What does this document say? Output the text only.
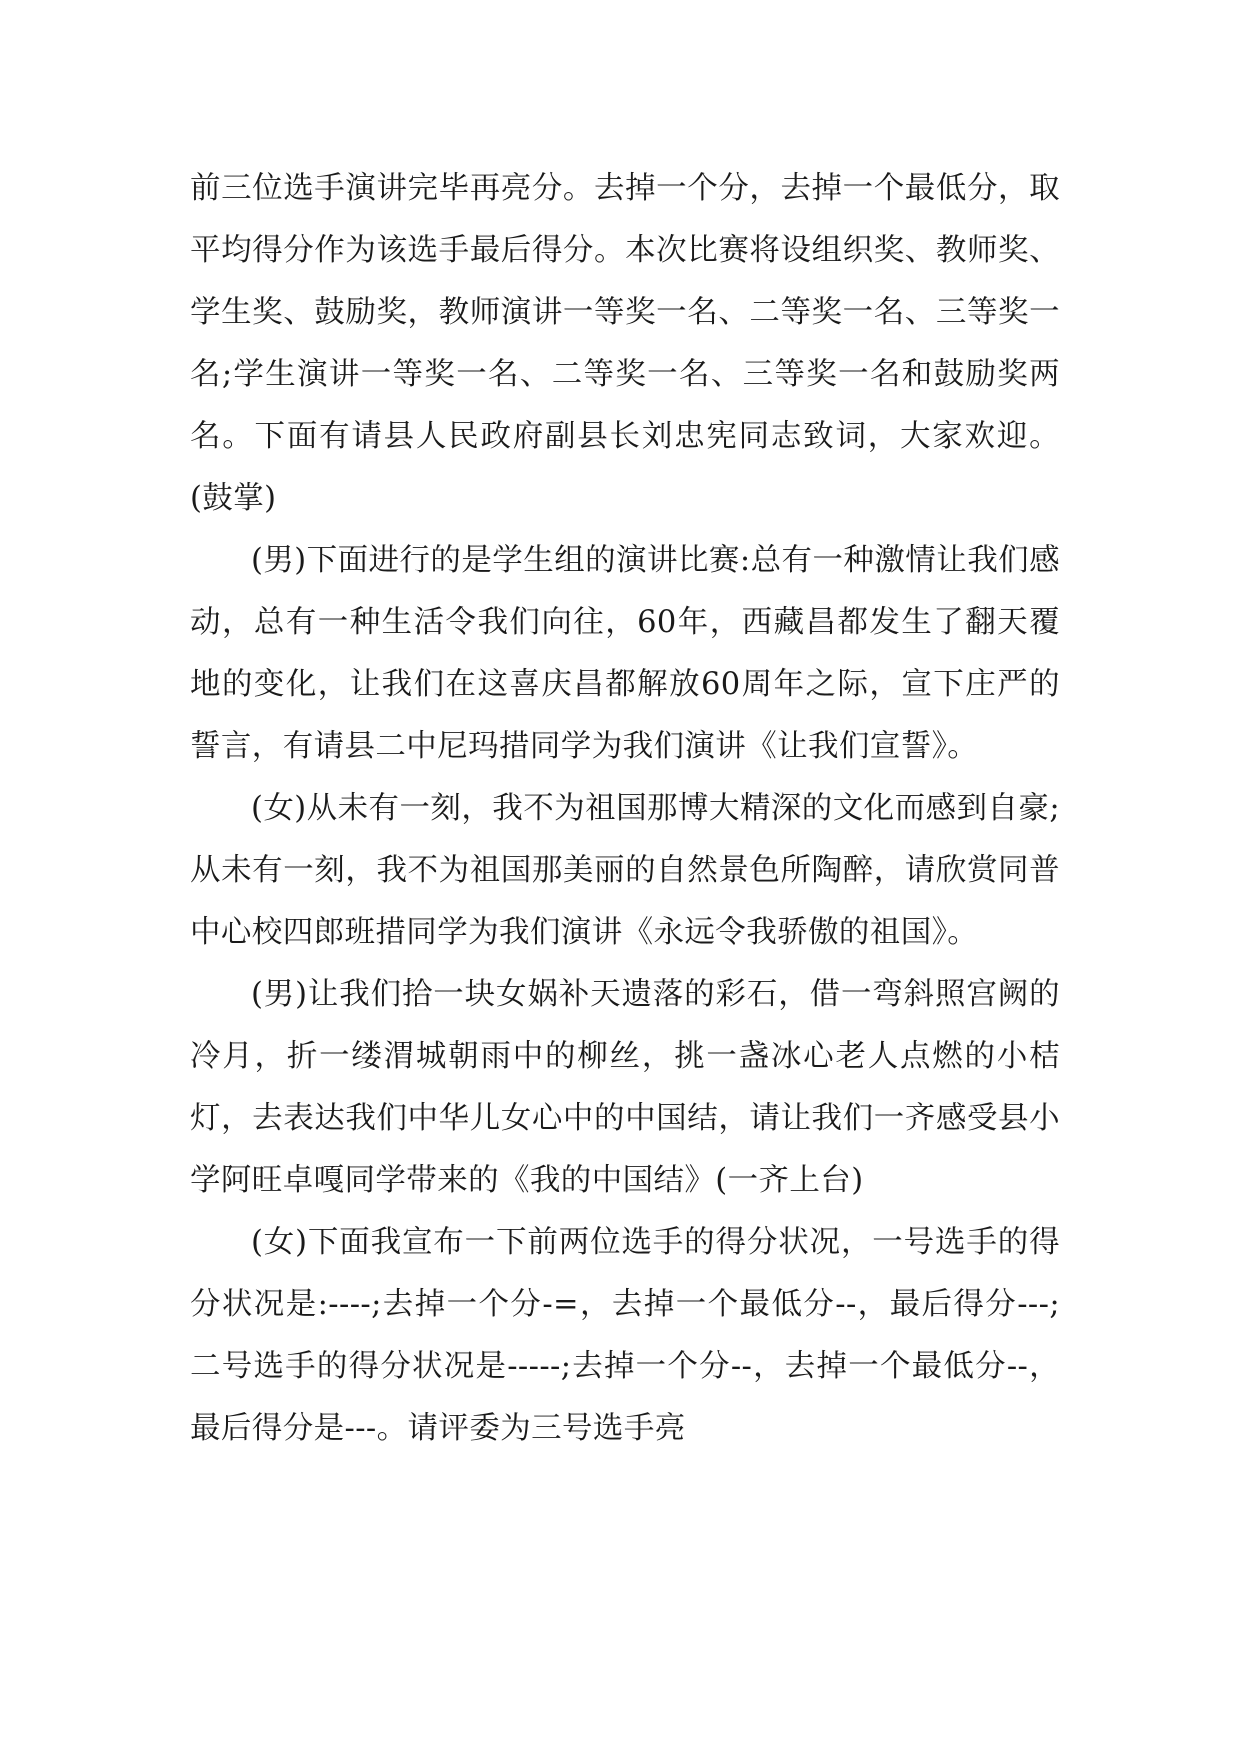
前三位选手演讲完毕再亮分。去掉一个分，去掉一个最低分，取平均得分作为该选手最后得分。本次比赛将设组织奖、教师奖、学生奖、鼓励奖，教师演讲一等奖一名、二等奖一名、三等奖一名;学生演讲一等奖一名、二等奖一名、三等奖一名和鼓励奖两名。下面有请县人民政府副县长刘忠宪同志致词，大家欢迎。(鼓掌)

(男)下面进行的是学生组的演讲比赛:总有一种激情让我们感动，总有一种生活令我们向往，60年，西藏昌都发生了翻天覆地的变化，让我们在这喜庆昌都解放60周年之际，宣下庄严的誓言，有请县二中尼玛措同学为我们演讲《让我们宣誓》。

(女)从未有一刻，我不为祖国那博大精深的文化而感到自豪;从未有一刻，我不为祖国那美丽的自然景色所陶醉，请欣赏同普中心校四郎班措同学为我们演讲《永远令我骄傲的祖国》。

(男)让我们拾一块女娲补天遗落的彩石，借一弯斜照宫阙的冷月，折一缕渭城朝雨中的柳丝，挑一盏冰心老人点燃的小桔灯，去表达我们中华儿女心中的中国结，请让我们一齐感受县小学阿旺卓嘎同学带来的《我的中国结》(一齐上台)

(女)下面我宣布一下前两位选手的得分状况，一号选手的得分状况是:----;去掉一个分-=，去掉一个最低分--，最后得分---;二号选手的得分状况是-----;去掉一个分--，去掉一个最低分--，最后得分是---。请评委为三号选手亮
